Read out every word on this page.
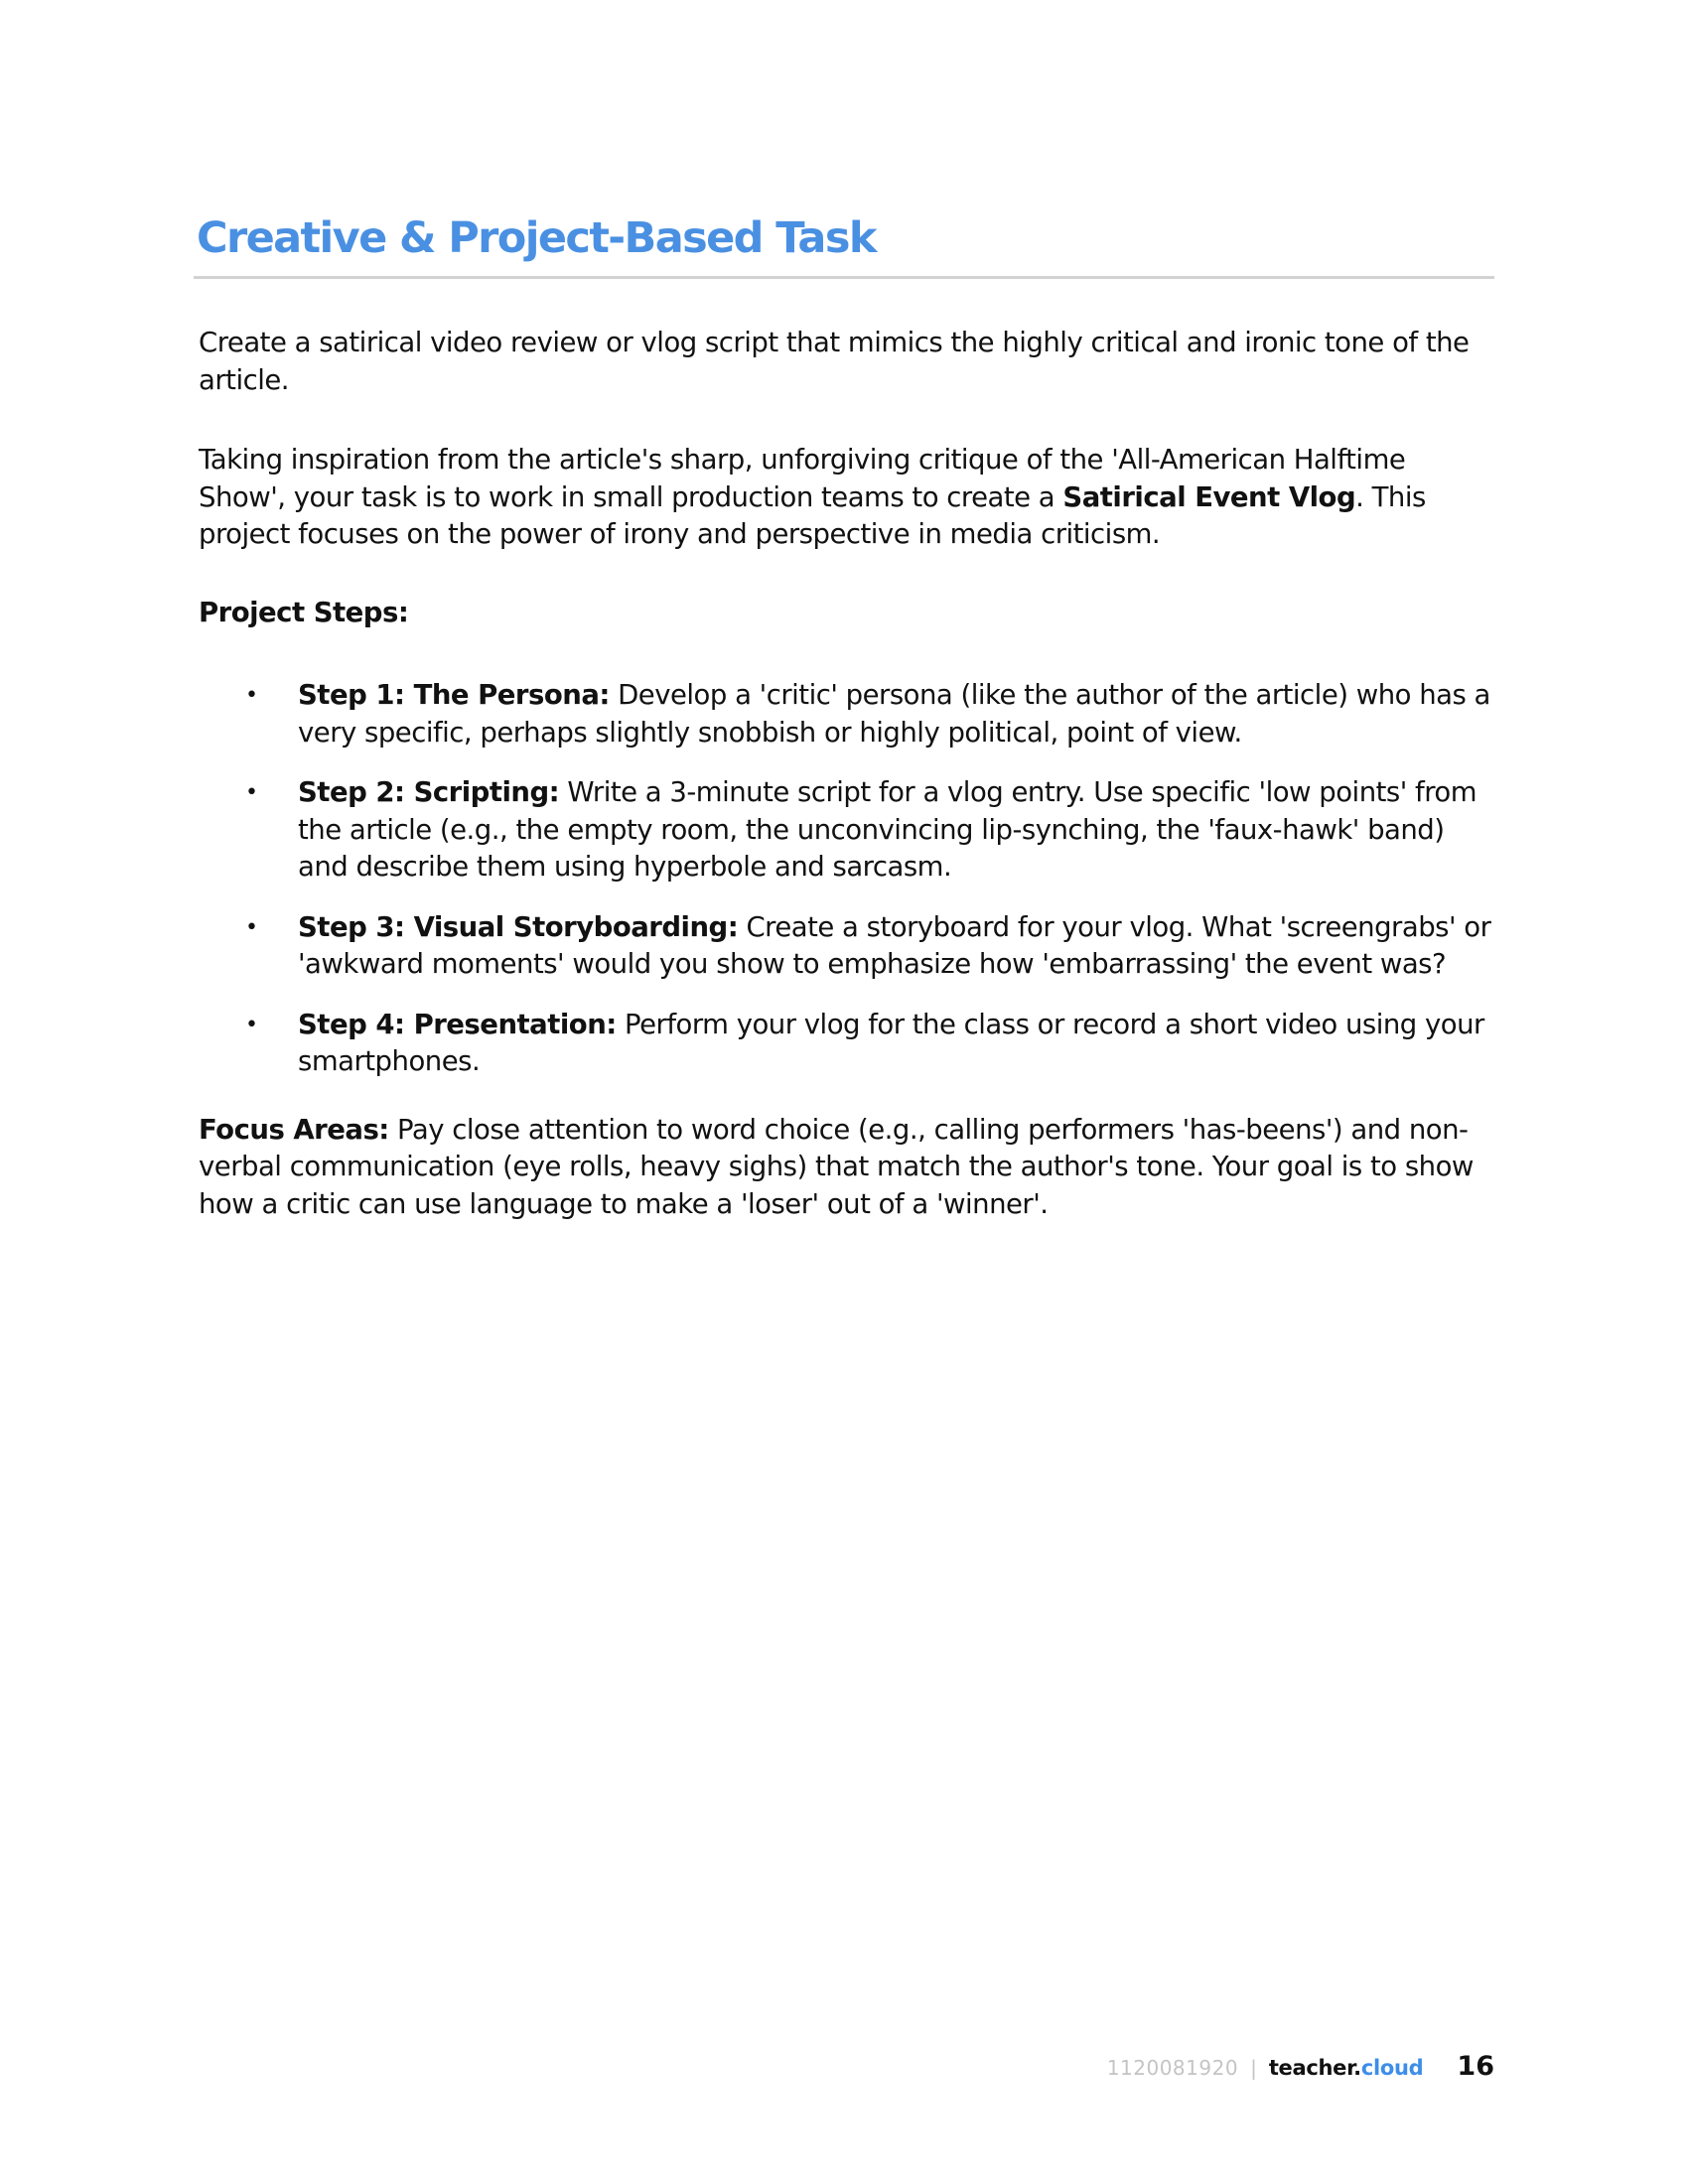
Creative & Project-Based Task

Create a satirical video review or vlog script that mimics the highly critical and ironic tone of the article.

Taking inspiration from the article's sharp, unforgiving critique of the 'All-American Halftime Show', your task is to work in small production teams to create a Satirical Event Vlog. This project focuses on the power of irony and perspective in media criticism.

Project Steps:

• Step 1: The Persona: Develop a 'critic' persona (like the author of the article) who has a very specific, perhaps slightly snobbish or highly political, point of view.
• Step 2: Scripting: Write a 3-minute script for a vlog entry. Use specific 'low points' from the article (e.g., the empty room, the unconvincing lip-synching, the 'faux-hawk' band) and describe them using hyperbole and sarcasm.
• Step 3: Visual Storyboarding: Create a storyboard for your vlog. What 'screengrabs' or 'awkward moments' would you show to emphasize how 'embarrassing' the event was?
• Step 4: Presentation: Perform your vlog for the class or record a short video using your smartphones.

Focus Areas: Pay close attention to word choice (e.g., calling performers 'has-beens') and non-verbal communication (eye rolls, heavy sighs) that match the author's tone. Your goal is to show how a critic can use language to make a 'loser' out of a 'winner'.

1120081920 | teacher. cloud 16
